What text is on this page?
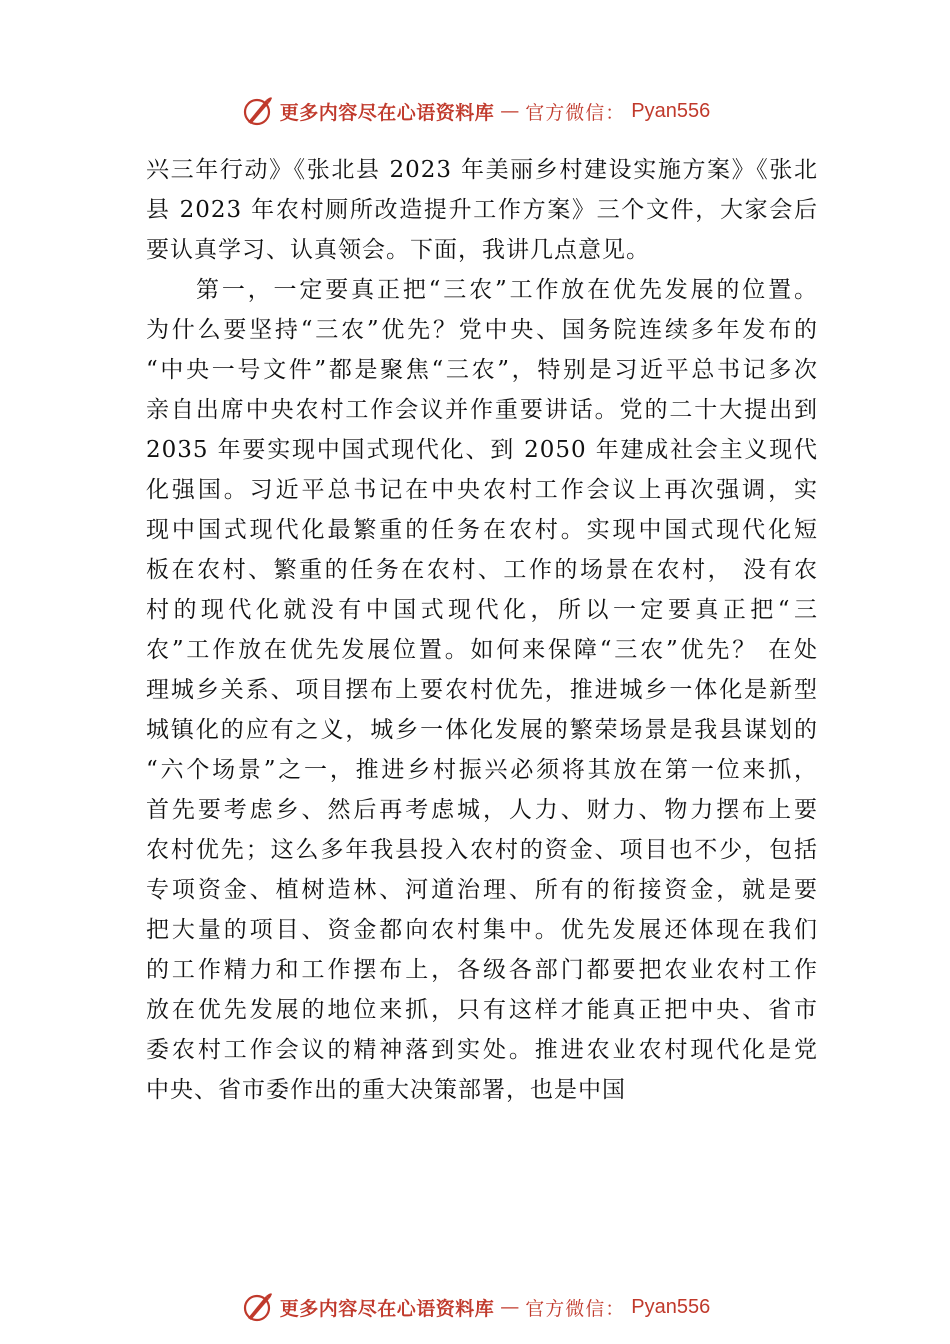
更多内容尽在心语资料库 — 官方微信： Pyan556
兴三年行动》《张北县 2023 年美丽乡村建设实施方案》《张北
县 2023 年农村厕所改造提升工作方案》三个文件，大家会后
要认真学习、认真领会。下面，我讲几点意见。
第一，一定要真正把“三农”工作放在优先发展的位置。
为什么要坚持“三农”优先？党中央、国务院连续多年发布的
“中央一号文件”都是聚焦“三农”，特别是习近平总书记多次
亲自出席中央农村工作会议并作重要讲话。党的二十大提出到
2035 年要实现中国式现代化、到 2050 年建成社会主义现代
化强国。习近平总书记在中央农村工作会议上再次强调，实
现中国式现代化最繁重的任务在农村。实现中国式现代化短
板在农村、繁重的任务在农村、工作的场景在农村， 没有农
村的现代化就没有中国式现代化，所以一定要真正把“三
农”工作放在优先发展位置。如何来保障“三农”优先？ 在处
理城乡关系、项目摆布上要农村优先，推进城乡一体化是新型
城镇化的应有之义，城乡一体化发展的繁荣场景是我县谋划的
“六个场景”之一，推进乡村振兴必须将其放在第一位来抓，
首先要考虑乡、然后再考虑城，人力、财力、物力摆布上要
农村优先；这么多年我县投入农村的资金、项目也不少，包括
专项资金、植树造林、河道治理、所有的衔接资金，就是要
把大量的项目、资金都向农村集中。优先发展还体现在我们
的工作精力和工作摆布上，各级各部门都要把农业农村工作
放在优先发展的地位来抓，只有这样才能真正把中央、省市
委农村工作会议的精神落到实处。推进农业农村现代化是党
中央、省市委作出的重大决策部署，也是中国
更多内容尽在心语资料库 — 官方微信： Pyan556
